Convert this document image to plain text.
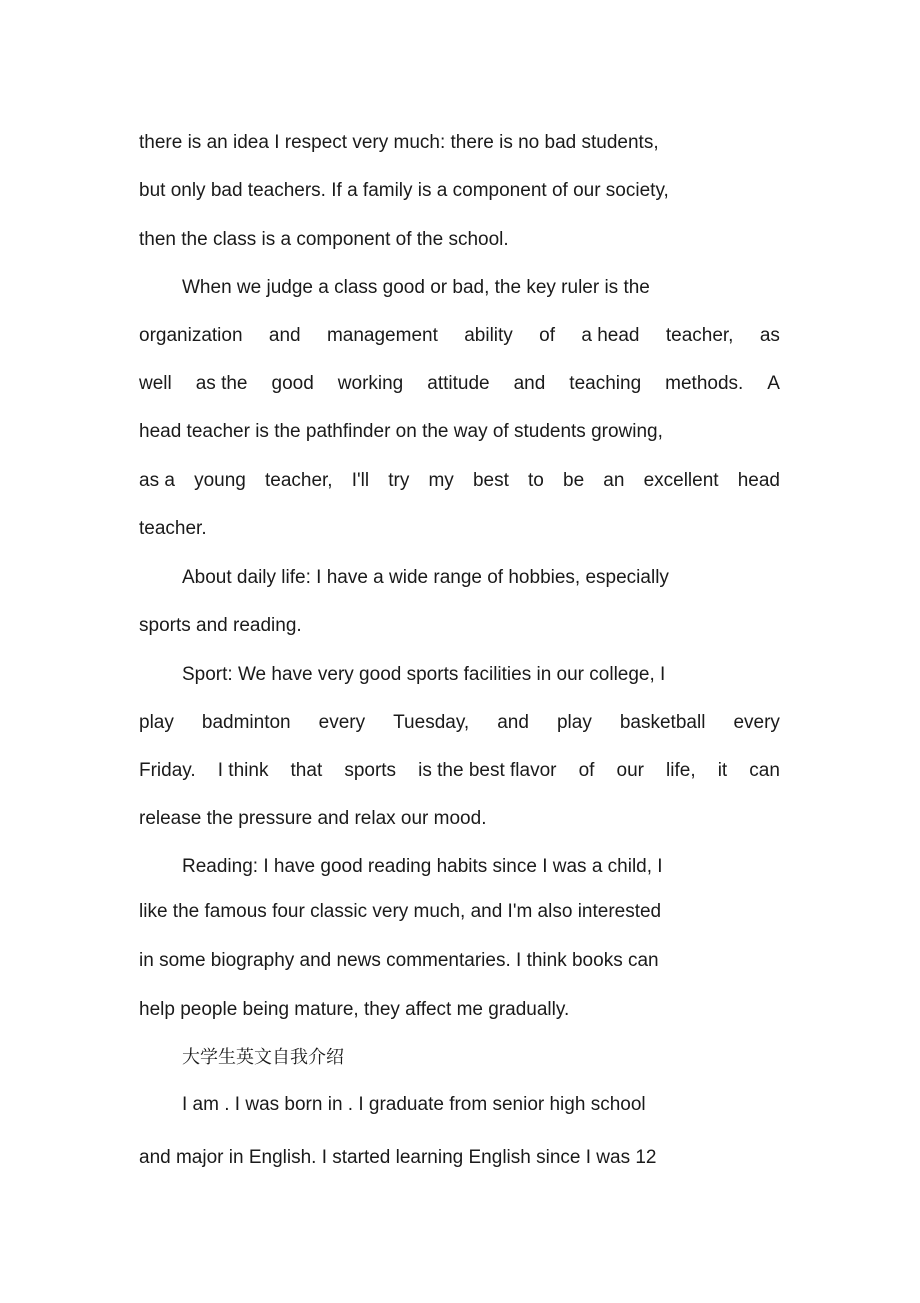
there is an idea I respect very much: there is no bad students,
but only bad teachers. If a family is a component of our society,
then the class is a component of the school.
When we judge a class good or bad, the key ruler is the
organization and management ability of a head teacher, as
well as the good working attitude and teaching methods. A
head teacher is the pathfinder on the way of students growing,
as a young teacher, I'll try my best to be an excellent head
teacher.
About daily life: I have a wide range of hobbies, especially
sports and reading.
Sport: We have very good sports facilities in our college, I
play badminton every Tuesday, and play basketball every
Friday. I think that sports is the best flavor of our life, it can
release the pressure and relax our mood.
Reading: I have good reading habits since I was a child, I
like the famous four classic very much, and I'm also interested
in some biography and news commentaries. I think books can
help people being mature, they affect me gradually.
大学生英文自我介绍
I am . I was born in . I graduate from senior high school
and major in English. I started learning English since I was 12
